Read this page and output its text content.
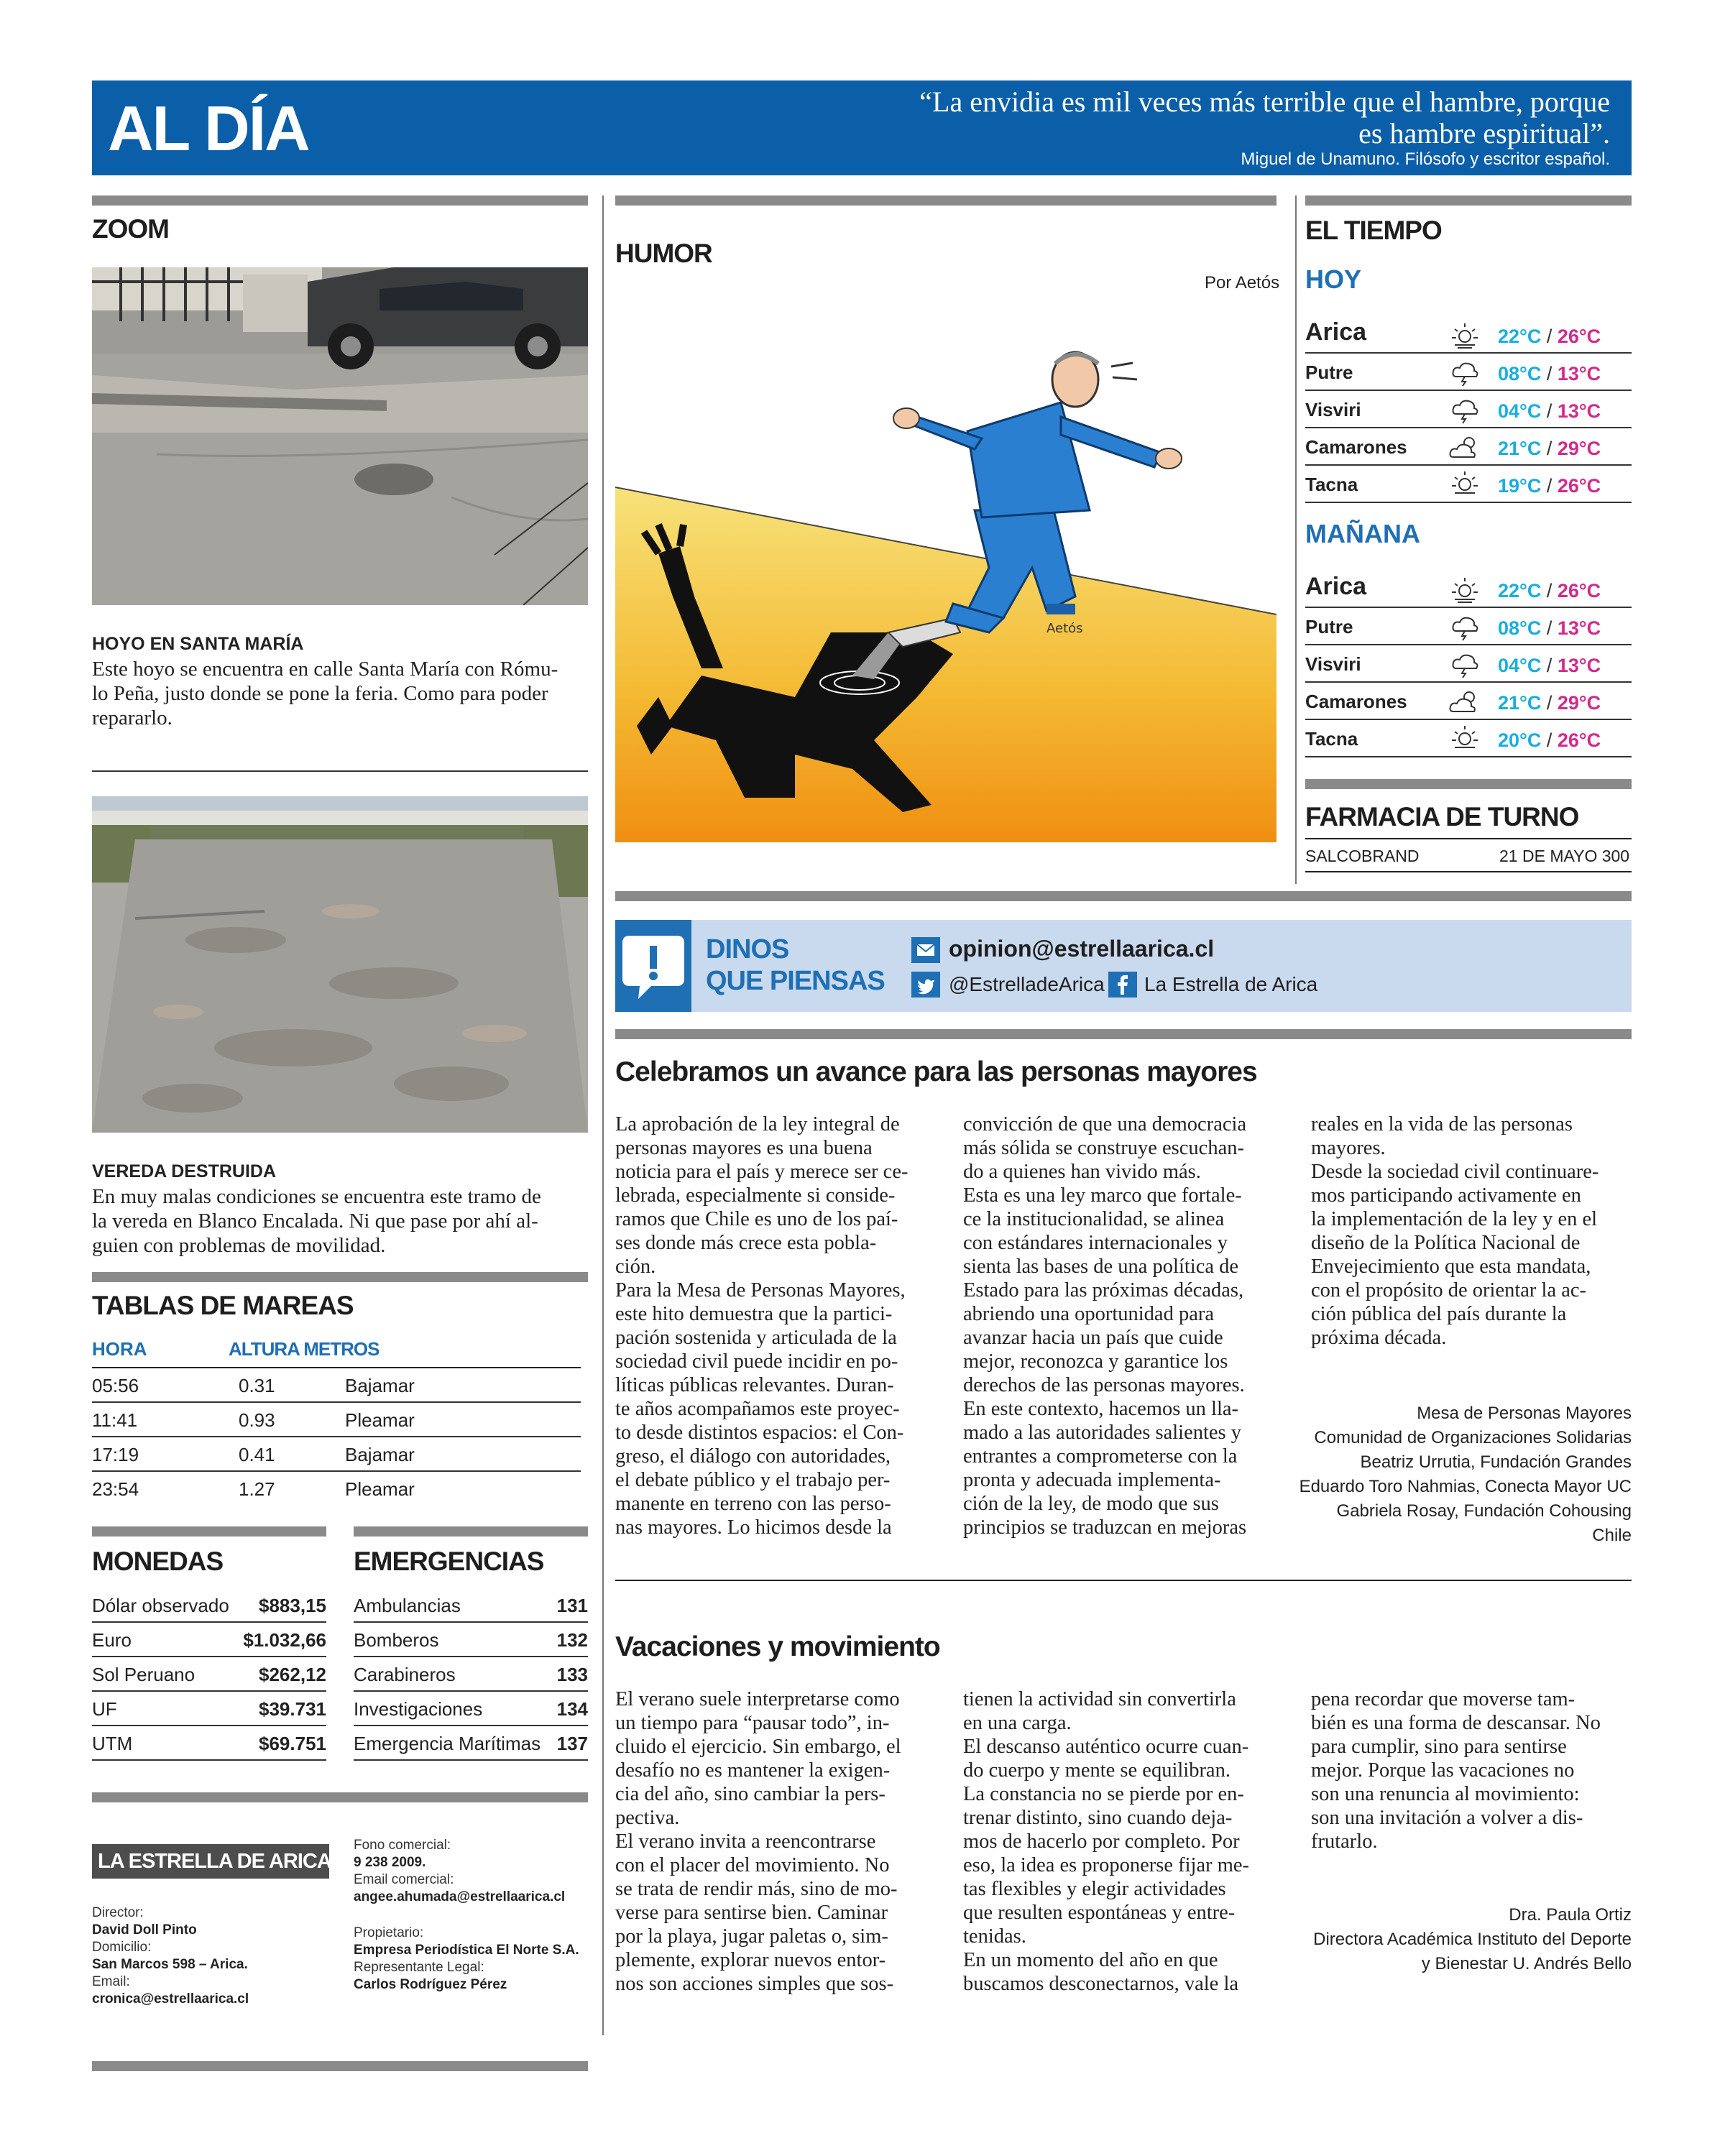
AL DÍA	“La envidia es mil veces más terrible que el hambre, porque
es hambre espiritual”.
Miguel de Unamuno. Filósofo y escritor español.
ZOOM
HOYO EN SANTA MARÍA
Este hoyo se encuentra en calle Santa María con Rómu-
lo Peña, justo donde se pone la feria. Como para poder
repararlo.
VEREDA DESTRUIDA
En muy malas condiciones se encuentra este tramo de
la vereda en Blanco Encalada. Ni que pase por ahí al-
guien con problemas de movilidad.
TABLAS DE MAREAS
HORA	ALTURA METROS
05:56	0.31	Bajamar
11:41	0.93	Pleamar
17:19	0.41	Bajamar
23:54	1.27	Pleamar
MONEDAS
Dólar observado $883,15
Euro	$1.032,66
Sol Peruano	$262,12
UF	$39.731
UTM	$69.751
EMERGENCIAS
Ambulancias	131
Bomberos	132
Carabineros	133
Investigaciones	134
Emergencia Marítimas 137
LA ESTRELLA DE ARICA
Director:
David Doll Pinto
Domicilio:
San Marcos 598 – Arica.
Email:
cronica@estrellaarica.cl
Fono comercial:
9 238 2009.
Email comercial:
angee.ahumada@estrellaarica.cl
Propietario:
Empresa Periodística El Norte S.A.
Representante Legal:
Carlos Rodríguez Pérez
HUMOR
Por Aetós
Aetós
EL TIEMPO
HOY
Arica	22°C / 26°C
Putre	08°C / 13°C
Visviri	04°C / 13°C
Camarones	21°C / 29°C
Tacna	19°C / 26°C
MAÑANA
Arica	22°C / 26°C
Putre	08°C / 13°C
Visviri	04°C / 13°C
Camarones	21°C / 29°C
Tacna	20°C / 26°C
FARMACIA DE TURNO
SALCOBRAND	21 DE MAYO 300
DINOS
QUE PIENSAS
opinion@estrellaarica.cl
@EstrelladeArica La Estrella de Arica
Celebramos un avance para las personas mayores
La aprobación de la ley integral de
personas mayores es una buena
noticia para el país y merece ser ce-
lebrada, especialmente si conside-
ramos que Chile es uno de los paí-
ses donde más crece esta pobla-
ción.
Para la Mesa de Personas Mayores,
este hito demuestra que la partici-
pación sostenida y articulada de la
sociedad civil puede incidir en po-
líticas públicas relevantes. Duran-
te años acompañamos este proyec-
to desde distintos espacios: el Con-
greso, el diálogo con autoridades,
el debate público y el trabajo per-
manente en terreno con las perso-
nas mayores. Lo hicimos desde la
convicción de que una democracia
más sólida se construye escuchan-
do a quienes han vivido más.
Esta es una ley marco que fortale-
ce la institucionalidad, se alinea
con estándares internacionales y
sienta las bases de una política de
Estado para las próximas décadas,
abriendo una oportunidad para
avanzar hacia un país que cuide
mejor, reconozca y garantice los
derechos de las personas mayores.
En este contexto, hacemos un lla-
mado a las autoridades salientes y
entrantes a comprometerse con la
pronta y adecuada implementa-
ción de la ley, de modo que sus
principios se traduzcan en mejoras
reales en la vida de las personas
mayores.
Desde la sociedad civil continuare-
mos participando activamente en
la implementación de la ley y en el
diseño de la Política Nacional de
Envejecimiento que esta mandata,
con el propósito de orientar la ac-
ción pública del país durante la
próxima década.
Mesa de Personas Mayores
Comunidad de Organizaciones Solidarias
Beatriz Urrutia, Fundación Grandes
Eduardo Toro Nahmias, Conecta Mayor UC
Gabriela Rosay, Fundación Cohousing
Chile
Vacaciones y movimiento
El verano suele interpretarse como
un tiempo para “pausar todo”, in-
cluido el ejercicio. Sin embargo, el
desafío no es mantener la exigen-
cia del año, sino cambiar la pers-
pectiva.
El verano invita a reencontrarse
con el placer del movimiento. No
se trata de rendir más, sino de mo-
verse para sentirse bien. Caminar
por la playa, jugar paletas o, sim-
plemente, explorar nuevos entor-
nos son acciones simples que sos-
tienen la actividad sin convertirla
en una carga.
El descanso auténtico ocurre cuan-
do cuerpo y mente se equilibran.
La constancia no se pierde por en-
trenar distinto, sino cuando deja-
mos de hacerlo por completo. Por
eso, la idea es proponerse fijar me-
tas flexibles y elegir actividades
que resulten espontáneas y entre-
tenidas.
En un momento del año en que
buscamos desconectarnos, vale la
pena recordar que moverse tam-
bién es una forma de descansar. No
para cumplir, sino para sentirse
mejor. Porque las vacaciones no
son una renuncia al movimiento:
son una invitación a volver a dis-
frutarlo.
Dra. Paula Ortiz
Directora Académica Instituto del Deporte
y Bienestar U. Andrés Bello
